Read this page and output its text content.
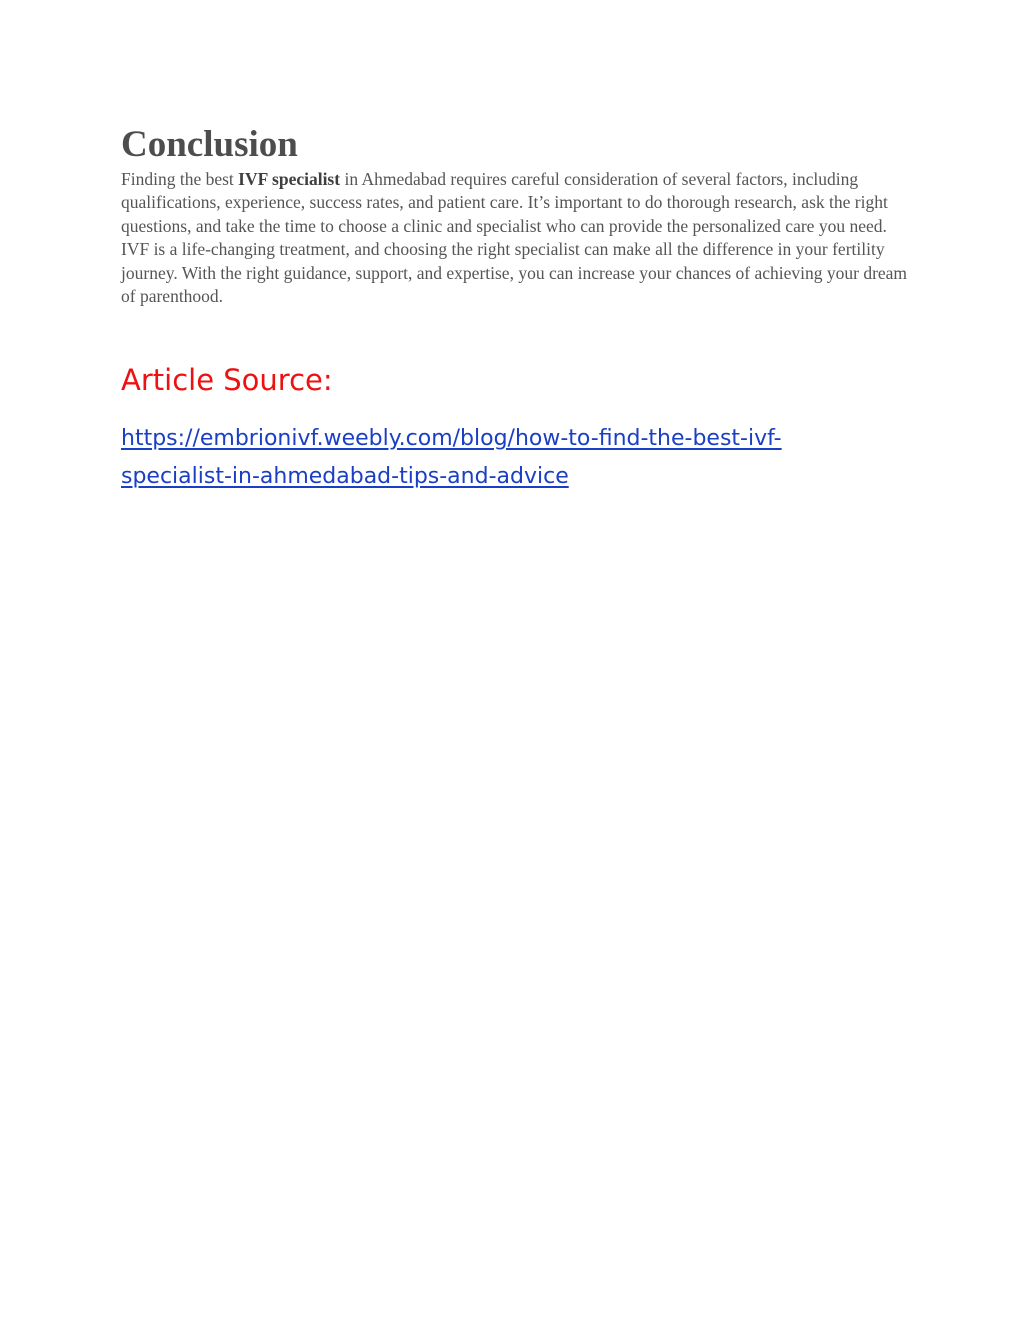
Conclusion

Finding the best IVF specialist in Ahmedabad requires careful consideration of several factors, including qualifications, experience, success rates, and patient care. It’s important to do thorough research, ask the right questions, and take the time to choose a clinic and specialist who can provide the personalized care you need. IVF is a life-changing treatment, and choosing the right specialist can make all the difference in your fertility journey. With the right guidance, support, and expertise, you can increase your chances of achieving your dream of parenthood.

Article Source:
https://embrionivf.weebly.com/blog/how-to-find-the-best-ivf-
specialist-in-ahmedabad-tips-and-advice
